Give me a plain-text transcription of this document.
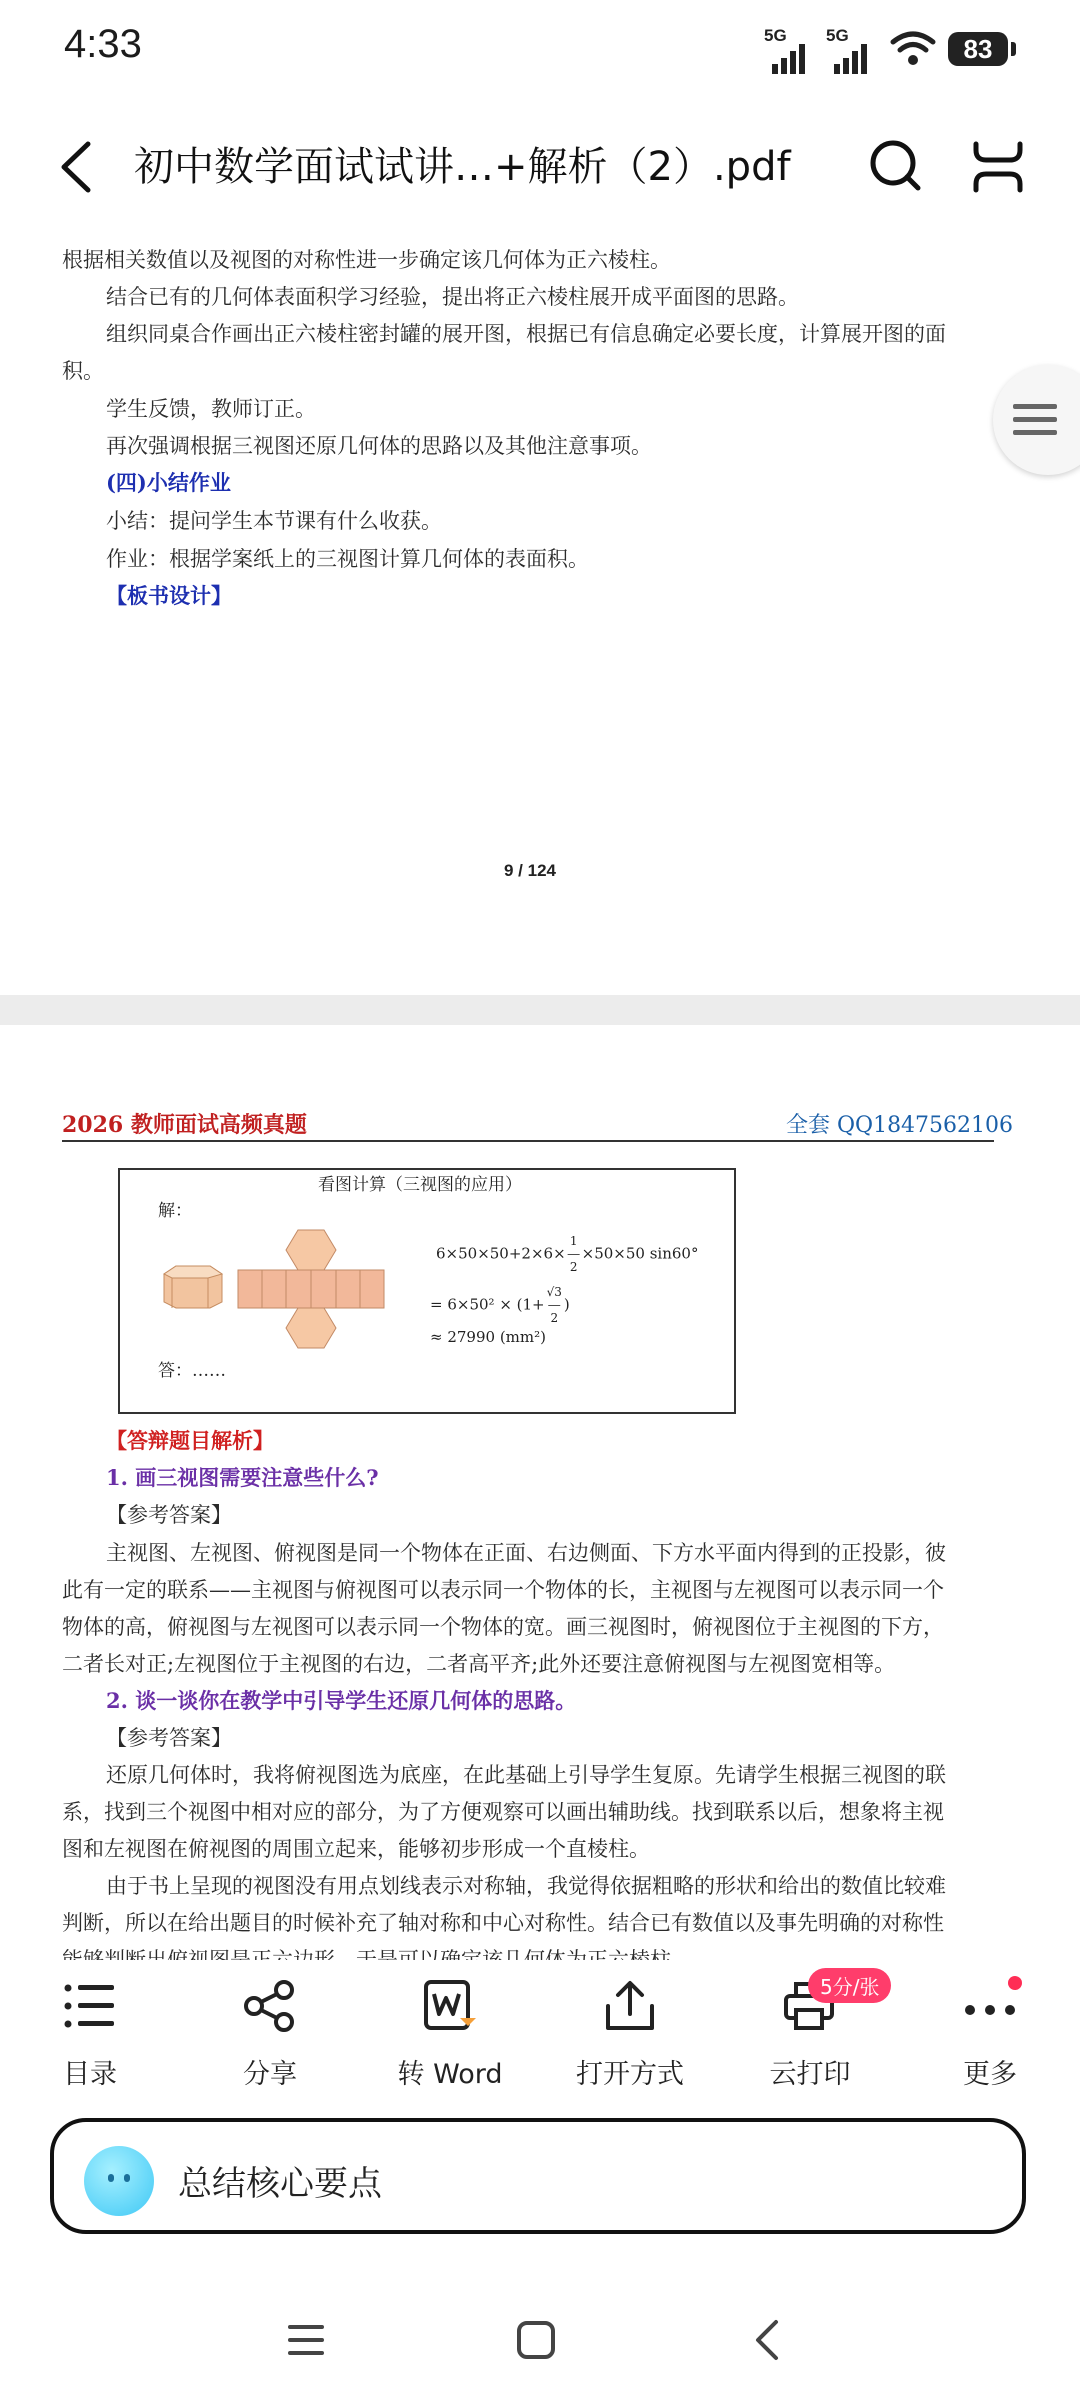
4:33	5G 5G	83
初中数学面试试讲…+解析（2）.pdf
根据相关数值以及视图的对称性进一步确定该几何体为正六棱柱。
结合已有的几何体表面积学习经验，提出将正六棱柱展开成平面图的思路。
组织同桌合作画出正六棱柱密封罐的展开图，根据已有信息确定必要长度，计算展开图的面
积。
学生反馈，教师订正。
再次强调根据三视图还原几何体的思路以及其他注意事项。
(四)小结作业
小结：提问学生本节课有什么收获。
作业：根据学案纸上的三视图计算几何体的表面积。
【板书设计】
9 / 124
2026 教师面试高频真题	全套 QQ1847562106
看图计算（三视图的应用）
解：
6×50×50+2×6×1
―
2×50×50 sin60°
= 6×50² × (1+√3
―
2)
≈ 27990 (mm²)
答：……
【答辩题目解析】
1. 画三视图需要注意些什么?
【参考答案】
主视图、左视图、俯视图是同一个物体在正面、右边侧面、下方水平面内得到的正投影，彼
此有一定的联系——主视图与俯视图可以表示同一个物体的长，主视图与左视图可以表示同一个
物体的高，俯视图与左视图可以表示同一个物体的宽。画三视图时，俯视图位于主视图的下方，
二者长对正;左视图位于主视图的右边，二者高平齐;此外还要注意俯视图与左视图宽相等。
2. 谈一谈你在教学中引导学生还原几何体的思路。
【参考答案】
还原几何体时，我将俯视图选为底座，在此基础上引导学生复原。先请学生根据三视图的联
系，找到三个视图中相对应的部分，为了方便观察可以画出辅助线。找到联系以后，想象将主视
图和左视图在俯视图的周围立起来，能够初步形成一个直棱柱。
由于书上呈现的视图没有用点划线表示对称轴，我觉得依据粗略的形状和给出的数值比较难
判断，所以在给出题目的时候补充了轴对称和中心对称性。结合已有数值以及事先明确的对称性
目录	分享	转 Word	打开方式	云打印
5分/张
更多
总结核心要点
